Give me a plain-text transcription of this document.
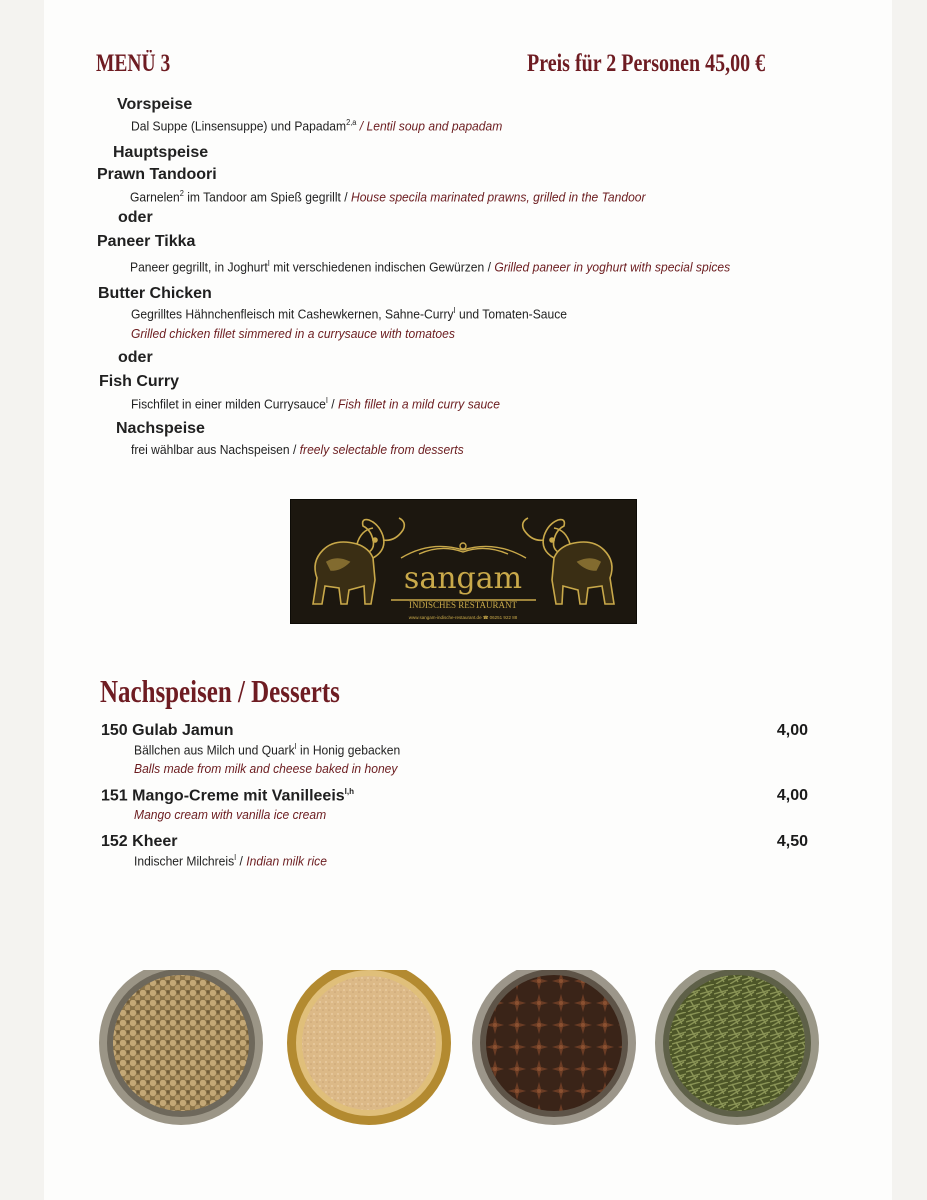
MENÜ 3	Preis für 2 Personen 45,00 €
Vorspeise
Dal Suppe (Linsensuppe) und Papadam$^{2,a}$ / Lentil soup and papadam
Hauptspeise
Prawn Tandoori
Garnelen$^2$ im Tandoor am Spieß gegrillt / House specila marinated prawns, grilled in the Tandoor
oder
Paneer Tikka
Paneer gegrillt, in Joghurt$^I$ mit verschiedenen indischen Gewürzen / Grilled paneer in yoghurt with special spices
Butter Chicken
Gegrilltes Hähnchenfleisch mit Cashewkernen, Sahne-Curry$^I$ und Tomaten-Sauce
Grilled chicken fillet simmered in a currysauce with tomatoes
oder
Fish Curry
Fischfilet in einer milden Currysauce$^I$ / Fish fillet in a mild curry sauce
Nachspeise
frei wählbar aus Nachspeisen / freely selectable from desserts
sangam
INDISCHES RESTAURANT
www.sangam-indische-restaurant.de ☎ 06251 922 88
Nachspeisen / Desserts
150 Gulab Jamun	4,00
Bällchen aus Milch und Quark$^I$ in Honig gebacken
Balls made from milk and cheese baked in honey
151 Mango-Creme mit Vanilleeis$^{I,h}$	4,00
Mango cream with vanilla ice cream
152 Kheer	4,50
Indischer Milchreis$^I$ / Indian milk rice
